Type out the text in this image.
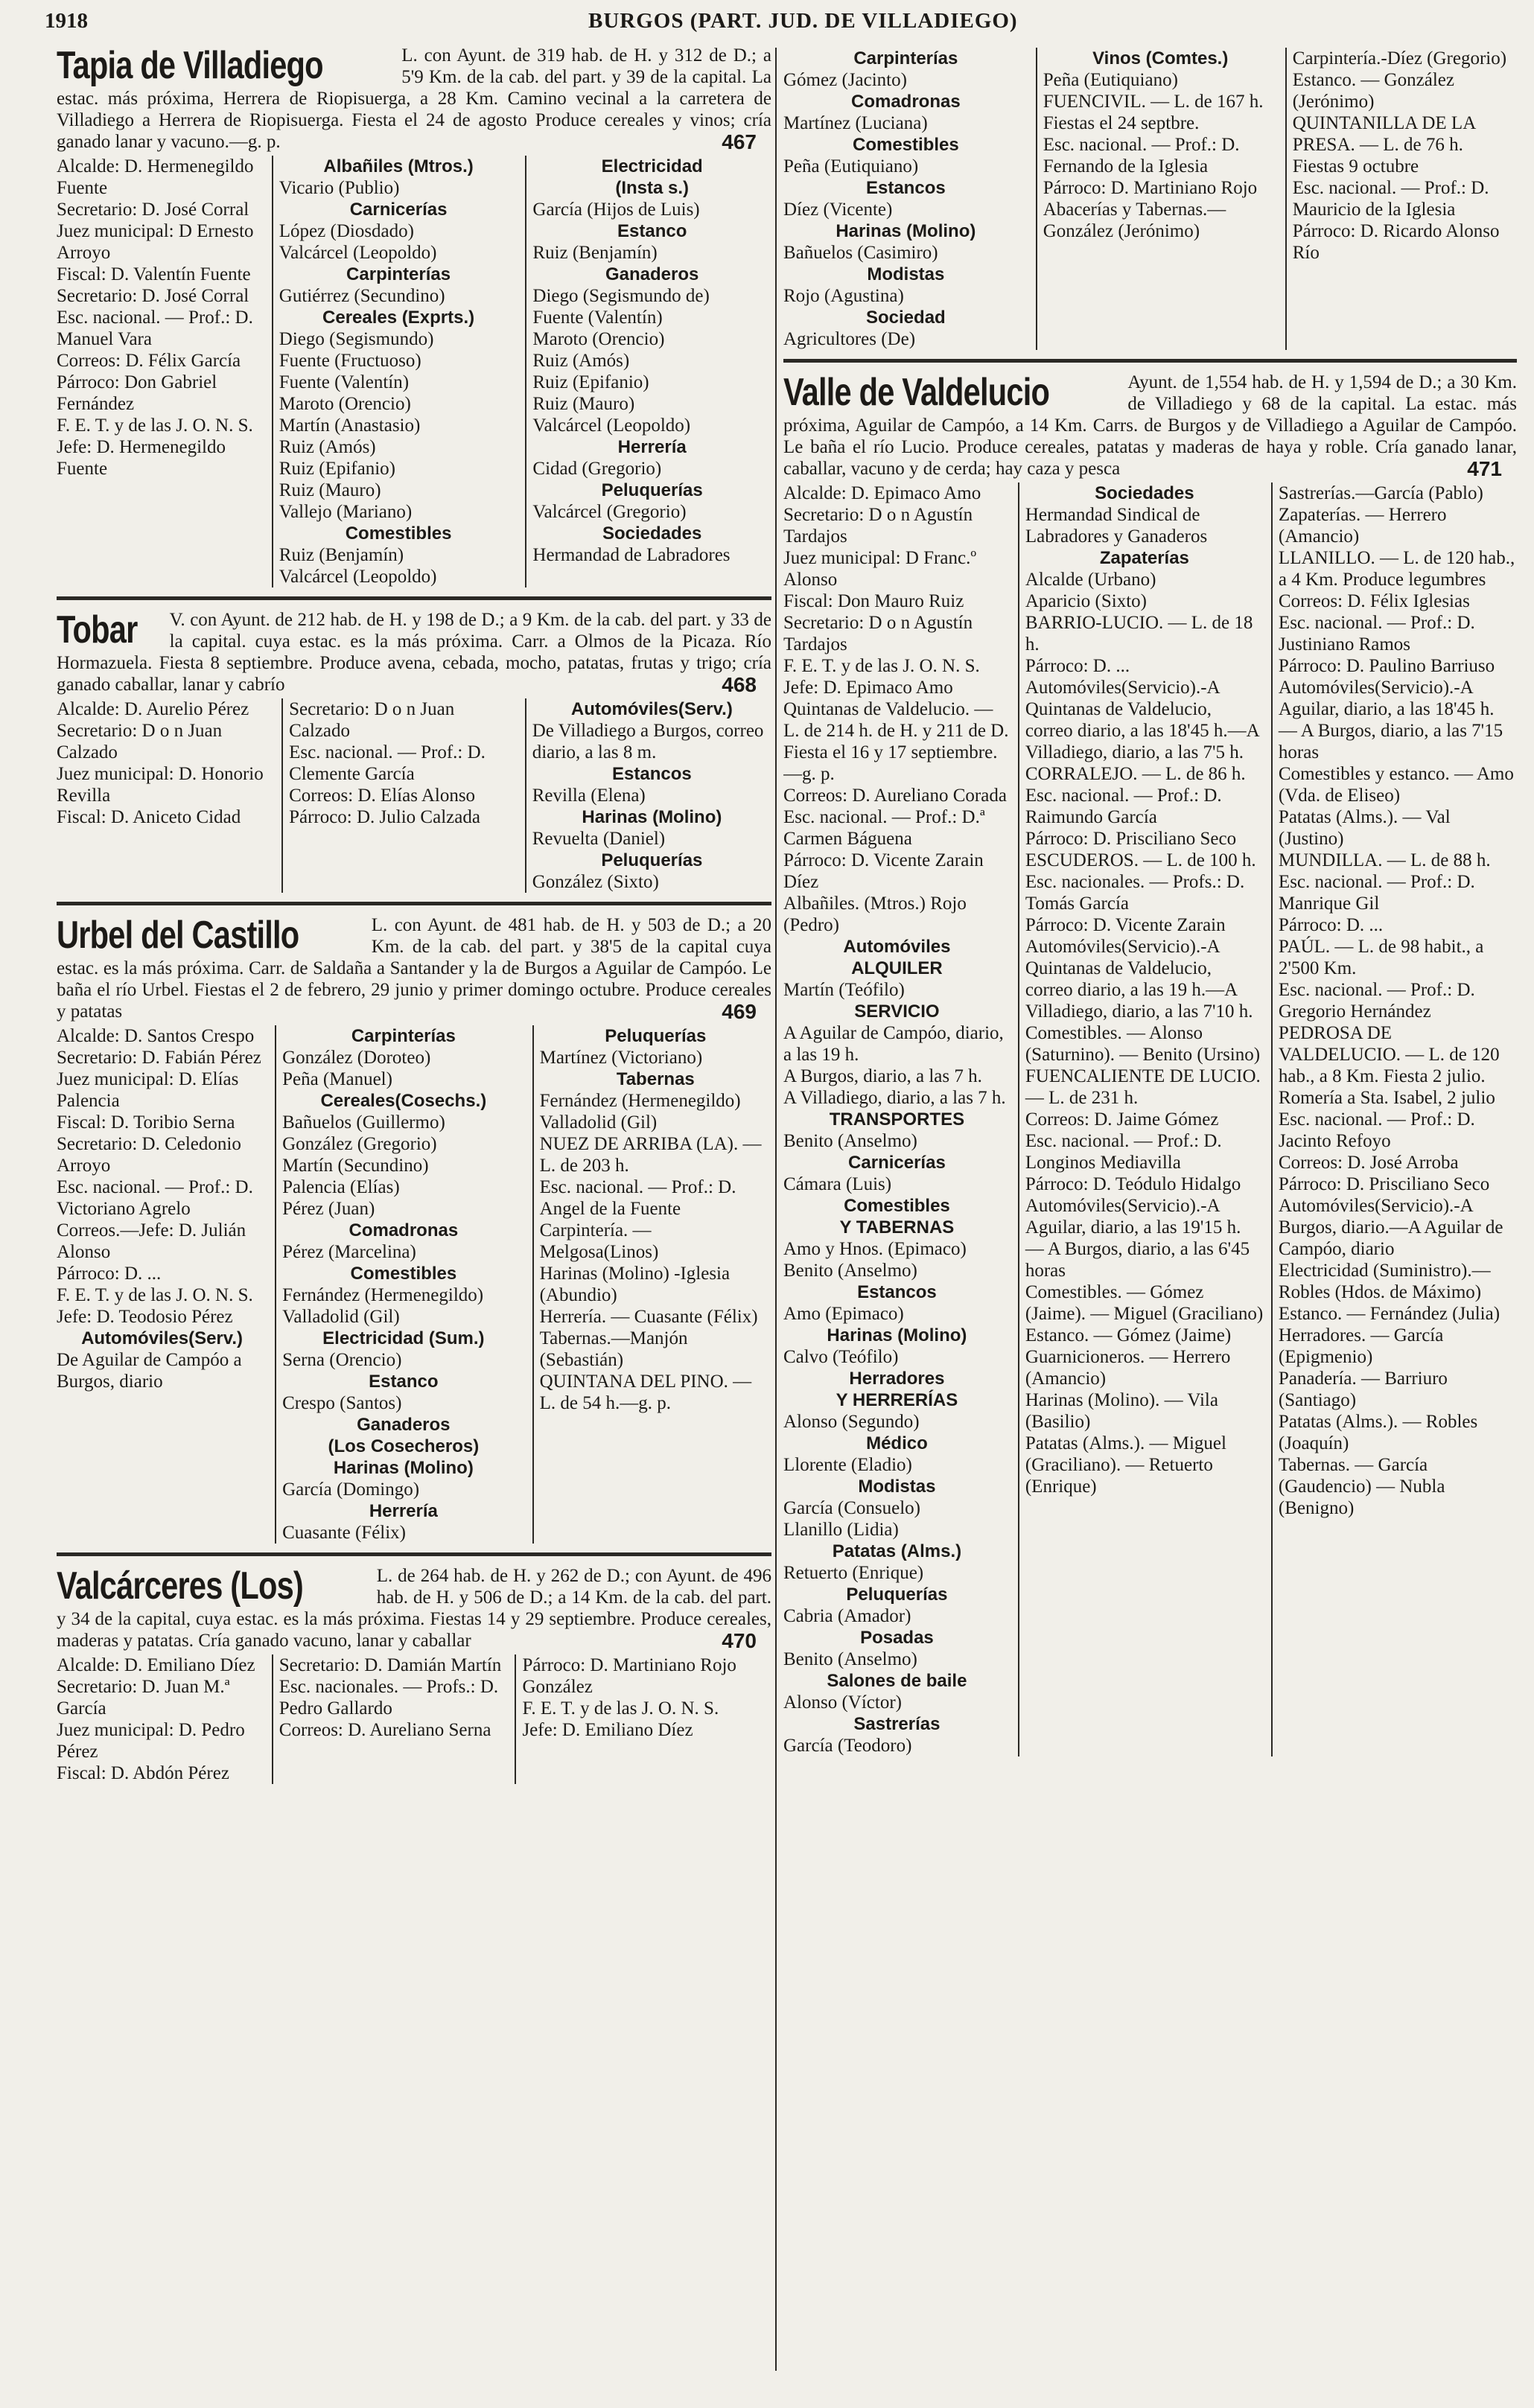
1918	BURGOS (PART. JUD. DE VILLADIEGO)

Tapia de Villadiego	L. con Ayunt. de 319 hab. de H. y 312 de D.; a 5'9 Km. de la cab. del part. y 39 de la capital. La estac. más próxima, Herrera de Riopisuerga, a 28 Km. Camino vecinal a la carretera de Villadiego a Herrera de Riopisuerga. Fiesta el 24 de agosto Produce cereales y vinos; cría ganado lanar y vacuno.—g. p.	467

Alcalde: D. Hermenegildo Fuente

Secretario: D. José Corral

Juez municipal: D Ernesto Arroyo

Fiscal: D. Valentín Fuente

Secretario: D. José Corral

Esc. nacional. — Prof.: D. Manuel Vara

Correos: D. Félix García

Párroco: Don Gabriel Fernández

F. E. T. y de las J. O. N. S.

Jefe: D. Hermenegildo Fuente

Albañiles (Mtros.)

Vicario (Publio)

Carnicerías

López (Diosdado)

Valcárcel (Leopoldo)

Carpinterías

Gutiérrez (Secundino)

Cereales (Exprts.)

Diego (Segismundo)

Fuente (Fructuoso)

Fuente (Valentín)

Maroto (Orencio)

Martín (Anastasio)

Ruiz (Amós)

Ruiz (Epifanio)

Ruiz (Mauro)

Vallejo (Mariano)

Comestibles

Ruiz (Benjamín)

Valcárcel (Leopoldo)

Electricidad

(Insta s.)

García (Hijos de Luis)

Estanco

Ruiz (Benjamín)

Ganaderos

Diego (Segismundo de)

Fuente (Valentín)

Maroto (Orencio)

Ruiz (Amós)

Ruiz (Epifanio)

Ruiz (Mauro)

Valcárcel (Leopoldo)

Herrería

Cidad (Gregorio)

Peluquerías

Valcárcel (Gregorio)

Sociedades

Hermandad de Labradores

Tobar V. con Ayunt. de 212 hab. de H. y 198 de D.; a 9 Km. de la cab. del part. y 33 de la capital. cuya estac. es la más próxima. Carr. a Olmos de la Picaza. Río Hormazuela. Fiesta 8 septiembre. Produce avena, cebada, mocho, patatas, frutas y trigo; cría ganado caballar, lanar y cabrío	468

Alcalde: D. Aurelio Pérez

Secretario: D o n Juan Calzado

Juez municipal: D. Honorio Revilla

Fiscal: D. Aniceto Cidad

Secretario: D o n Juan Calzado

Esc. nacional. — Prof.: D. Clemente García

Correos: D. Elías Alonso

Párroco: D. Julio Calzada

Automóviles(Serv.)

De Villadiego a Burgos, correo diario, a las 8 m.

Estancos

Revilla (Elena)

Harinas (Molino)

Revuelta (Daniel)

Peluquerías

González (Sixto)

Urbel del Castillo	L. con Ayunt. de 481 hab. de H. y 503 de D.; a 20 Km. de la cab. del part. y 38'5 de la capital cuya estac. es la más próxima. Carr. de Saldaña a Santander y la de Burgos a Aguilar de Campóo. Le baña el río Urbel. Fiestas el 2 de febrero, 29 junio y primer domingo octubre. Produce cereales y patatas	469

Alcalde: D. Santos Crespo

Secretario: D. Fabián Pérez

Juez municipal: D. Elías Palencia

Fiscal: D. Toribio Serna

Secretario: D. Celedonio Arroyo

Esc. nacional. — Prof.: D. Victoriano Agrelo

Correos.—Jefe: D. Julián Alonso

Párroco: D. ...

F. E. T. y de las J. O. N. S.

Jefe: D. Teodosio Pérez

Automóviles(Serv.)

De Aguilar de Campóo a Burgos, diario

Carpinterías

González (Doroteo)

Peña (Manuel)

Cereales(Cosechs.)

Bañuelos (Guillermo)

González (Gregorio)

Martín (Secundino)

Palencia (Elías)

Pérez (Juan)

Comadronas

Pérez (Marcelina)

Comestibles

Fernández (Hermenegildo)

Valladolid (Gil)

Electricidad (Sum.)

Serna (Orencio)

Estanco

Crespo (Santos)

Ganaderos

(Los Cosecheros)

Harinas (Molino)

García (Domingo)

Herrería

Cuasante (Félix)

Peluquerías

Martínez (Victoriano)

Tabernas

Fernández (Hermenegildo)

Valladolid (Gil)

NUEZ DE ARRIBA (LA). — L. de 203 h.

Esc. nacional. — Prof.: D. Angel de la Fuente

Carpintería. — Melgosa(Linos)

Harinas (Molino) -Iglesia (Abundio)

Herrería. — Cuasante (Félix)

Tabernas.—Manjón (Sebastián)

QUINTANA DEL PINO. — L. de 54 h.—g. p.

Valcárceres (Los)	L. de 264 hab. de H. y 262 de D.; con Ayunt. de 496 hab. de H. y 506 de D.; a 14 Km. de la cab. del part. y 34 de la capital, cuya estac. es la más próxima. Fiestas 14 y 29 septiembre. Produce cereales, maderas y patatas. Cría ganado vacuno, lanar y caballar	470

Alcalde: D. Emiliano Díez

Secretario: D. Juan M.ª García

Juez municipal: D. Pedro Pérez

Fiscal: D. Abdón Pérez

Secretario: D. Damián Martín

Esc. nacionales. — Profs.: D. Pedro Gallardo

Correos: D. Aureliano Serna

Párroco: D. Martiniano Rojo González

F. E. T. y de las J. O. N. S.

Jefe: D. Emiliano Díez

Carpinterías

Gómez (Jacinto)

Comadronas

Martínez (Luciana)

Comestibles

Peña (Eutiquiano)

Estancos

Díez (Vicente)

Harinas (Molino)

Bañuelos (Casimiro)

Modistas

Rojo (Agustina)

Sociedad

Agricultores (De)

Vinos (Comtes.)

Peña (Eutiquiano)

FUENCIVIL. — L. de 167 h. Fiestas el 24 septbre.

Esc. nacional. — Prof.: D. Fernando de la Iglesia

Párroco: D. Martiniano Rojo

Abacerías y Tabernas.— González (Jerónimo)

Carpintería.-Díez (Gregorio)

Estanco. — González (Jerónimo)

QUINTANILLA DE LA PRESA. — L. de 76 h. Fiestas 9 octubre

Esc. nacional. — Prof.: D. Mauricio de la Iglesia

Párroco: D. Ricardo Alonso Río

Valle de Valdelucio	Ayunt. de 1,554 hab. de H. y 1,594 de D.; a 30 Km. de Villadiego y 68 de la capital. La estac. más próxima, Aguilar de Campóo, a 14 Km. Carrs. de Burgos y de Villadiego a Aguilar de Campóo. Le baña el río Lucio. Produce cereales, patatas y maderas de haya y roble. Cría ganado lanar, caballar, vacuno y de cerda; hay caza y pesca	471

Alcalde: D. Epimaco Amo

Secretario: D o n Agustín Tardajos

Juez municipal: D Franc.º Alonso

Fiscal: Don Mauro Ruiz

Secretario: D o n Agustín Tardajos

F. E. T. y de las J. O. N. S.

Jefe: D. Epimaco Amo

Quintanas de Valdelucio. — L. de 214 h. de H. y 211 de D. Fiesta el 16 y 17 septiembre.—g. p.

Correos: D. Aureliano Corada

Esc. nacional. — Prof.: D.ª Carmen Báguena

Párroco: D. Vicente Zarain Díez

Albañiles. (Mtros.) Rojo (Pedro)

Automóviles

ALQUILER

Martín (Teófilo)

SERVICIO

A Aguilar de Campóo, diario, a las 19 h.

A Burgos, diario, a las 7 h.

A Villadiego, diario, a las 7 h.

TRANSPORTES

Benito (Anselmo)

Carnicerías

Cámara (Luis)

Comestibles

Y TABERNAS

Amo y Hnos. (Epimaco)

Benito (Anselmo)

Estancos

Amo (Epimaco)

Harinas (Molino)

Calvo (Teófilo)

Herradores

Y HERRERÍAS

Alonso (Segundo)

Médico

Llorente (Eladio)

Modistas

García (Consuelo)

Llanillo (Lidia)

Patatas (Alms.)

Retuerto (Enrique)

Peluquerías

Cabria (Amador)

Posadas

Benito (Anselmo)

Salones de baile

Alonso (Víctor)

Sastrerías

García (Teodoro)

Sociedades

Hermandad Sindical de Labradores y Ganaderos

Zapaterías

Alcalde (Urbano)

Aparicio (Sixto)

BARRIO-LUCIO. — L. de 18 h.

Párroco: D. ...

Automóviles(Servicio).-A Quintanas de Valdelucio, correo diario, a las 18'45 h.—A Villadiego, diario, a las 7'5 h.

CORRALEJO. — L. de 86 h.

Esc. nacional. — Prof.: D. Raimundo García

Párroco: D. Prisciliano Seco

ESCUDEROS. — L. de 100 h.

Esc. nacionales. — Profs.: D. Tomás García

Párroco: D. Vicente Zarain

Automóviles(Servicio).-A Quintanas de Valdelucio, correo diario, a las 19 h.—A Villadiego, diario, a las 7'10 h.

Comestibles. — Alonso (Saturnino). — Benito (Ursino)

FUENCALIENTE DE LUCIO. — L. de 231 h.

Correos: D. Jaime Gómez

Esc. nacional. — Prof.: D. Longinos Mediavilla

Párroco: D. Teódulo Hidalgo

Automóviles(Servicio).-A Aguilar, diario, a las 19'15 h. — A Burgos, diario, a las 6'45 horas

Comestibles. — Gómez (Jaime). — Miguel (Graciliano)

Estanco. — Gómez (Jaime)

Guarnicioneros. — Herrero (Amancio)

Harinas (Molino). — Vila (Basilio)

Patatas (Alms.). — Miguel (Graciliano). — Retuerto (Enrique)

Sastrerías.—García (Pablo)

Zapaterías. — Herrero (Amancio)

LLANILLO. — L. de 120 hab., a 4 Km. Produce legumbres

Correos: D. Félix Iglesias

Esc. nacional. — Prof.: D. Justiniano Ramos

Párroco: D. Paulino Barriuso

Automóviles(Servicio).-A Aguilar, diario, a las 18'45 h. — A Burgos, diario, a las 7'15 horas

Comestibles y estanco. — Amo (Vda. de Eliseo)

Patatas (Alms.). — Val (Justino)

MUNDILLA. — L. de 88 h.

Esc. nacional. — Prof.: D. Manrique Gil

Párroco: D. ...

PAÚL. — L. de 98 habit., a 2'500 Km.

Esc. nacional. — Prof.: D. Gregorio Hernández

PEDROSA DE VALDELUCIO. — L. de 120 hab., a 8 Km. Fiesta 2 julio. Romería a Sta. Isabel, 2 julio

Esc. nacional. — Prof.: D. Jacinto Refoyo

Correos: D. José Arroba

Párroco: D. Prisciliano Seco

Automóviles(Servicio).-A Burgos, diario.—A Aguilar de Campóo, diario

Electricidad (Suministro).—Robles (Hdos. de Máximo)

Estanco. — Fernández (Julia)

Herradores. — García (Epigmenio)

Panadería. — Barriuro (Santiago)

Patatas (Alms.). — Robles (Joaquín)

Tabernas. — García (Gaudencio) — Nubla (Benigno)
